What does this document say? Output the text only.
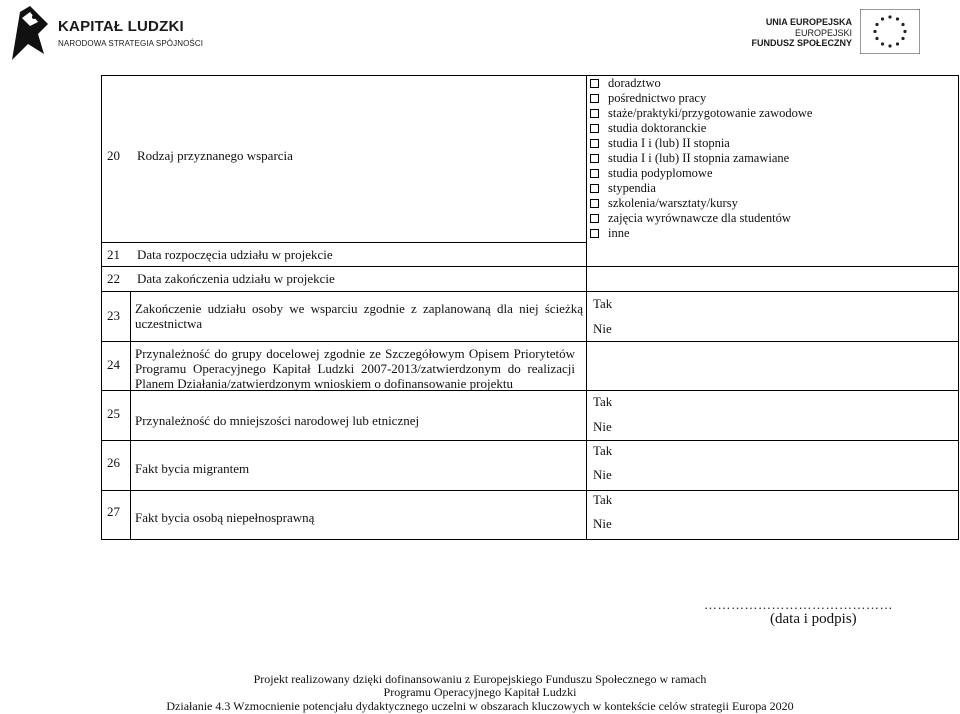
KAPITAŁ LUDZKI
NARODOWA STRATEGIA SPÓJNOŚCI
UNIA EUROPEJSKA
EUROPEJSKI
FUNDUSZ SPOŁECZNY
20 Rodzaj przyznanego wsparcia
doradztwo
pośrednictwo pracy
staże/praktyki/przygotowanie zawodowe
studia doktoranckie
studia I i (lub) II stopnia
studia I i (lub) II stopnia zamawiane
studia podyplomowe
stypendia
szkolenia/warsztaty/kursy
zajęcia wyrównawcze dla studentów
inne
21 Data rozpoczęcia udziału w projekcie
22 Data zakończenia udziału w projekcie
23 Zakończenie udziału osoby we wsparciu zgodnie z zaplanowaną dla niej ścieżką uczestnictwa
Tak
Nie
24
Przynależność do grupy docelowej zgodnie ze Szczegółowym Opisem Priorytetów Programu Operacyjnego Kapitał Ludzki 2007-2013/zatwierdzonym do realizacji Planem Działania/zatwierdzonym wnioskiem o dofinansowanie projektu
25 Przynależność do mniejszości narodowej lub etnicznej
Tak
Nie
26 Fakt bycia migrantem
Tak
Nie
27 Fakt bycia osobą niepełnosprawną
Tak
Nie
……………………………………
(data i podpis)
Projekt realizowany dzięki dofinansowaniu z Europejskiego Funduszu Społecznego w ramach
Programu Operacyjnego Kapitał Ludzki
Działanie 4.3 Wzmocnienie potencjału dydaktycznego uczelni w obszarach kluczowych w kontekście celów strategii Europa 2020
